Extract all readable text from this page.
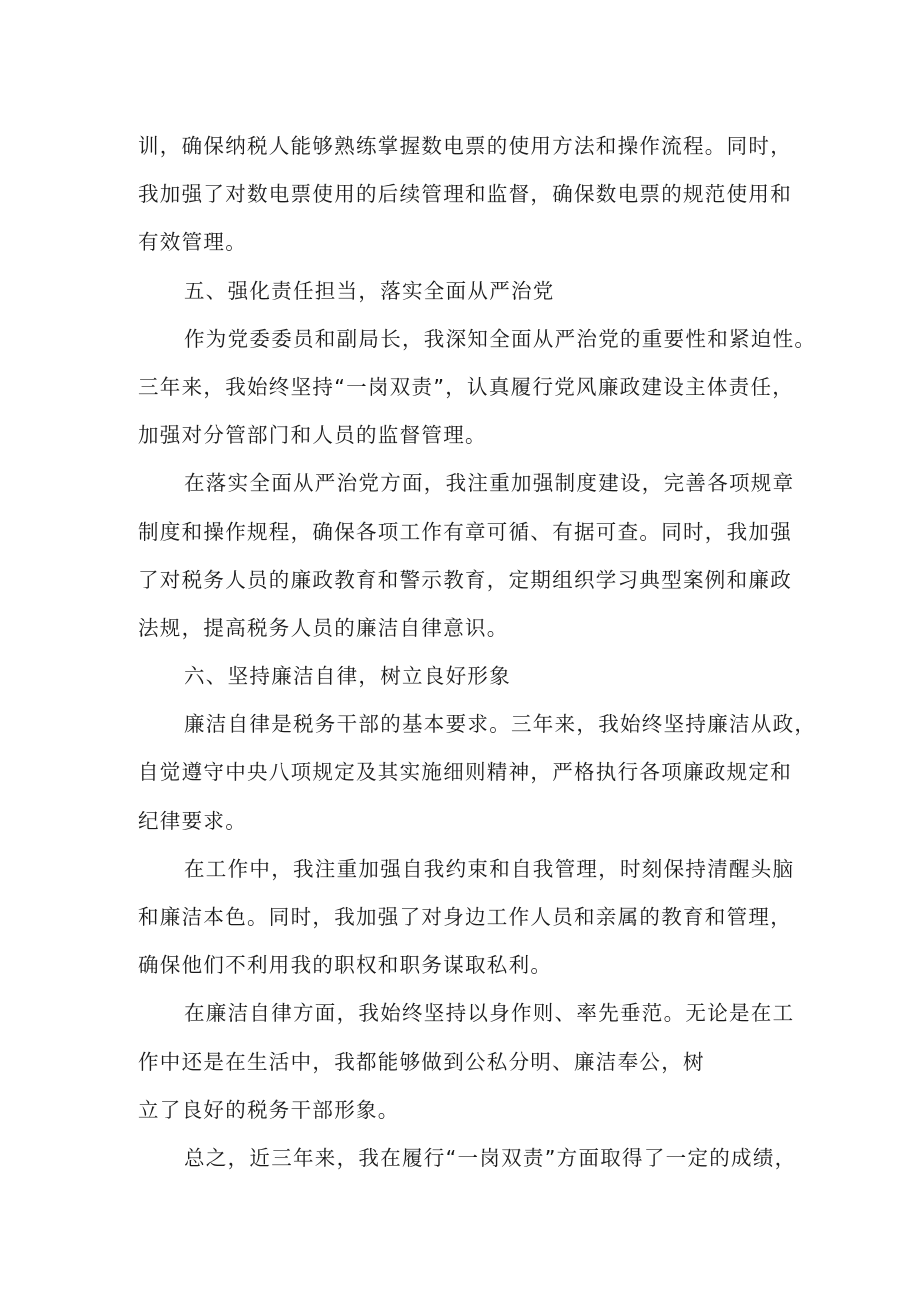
训，确保纳税人能够熟练掌握数电票的使用方法和操作流程。同时，
我加强了对数电票使用的后续管理和监督，确保数电票的规范使用和
有效管理。
五、强化责任担当，落实全面从严治党
作为党委委员和副局长，我深知全面从严治党的重要性和紧迫性。
三年来，我始终坚持“一岗双责”，认真履行党风廉政建设主体责任，
加强对分管部门和人员的监督管理。
在落实全面从严治党方面，我注重加强制度建设，完善各项规章
制度和操作规程，确保各项工作有章可循、有据可查。同时，我加强
了对税务人员的廉政教育和警示教育，定期组织学习典型案例和廉政
法规，提高税务人员的廉洁自律意识。
六、坚持廉洁自律，树立良好形象
廉洁自律是税务干部的基本要求。三年来，我始终坚持廉洁从政，
自觉遵守中央八项规定及其实施细则精神，严格执行各项廉政规定和
纪律要求。
在工作中，我注重加强自我约束和自我管理，时刻保持清醒头脑
和廉洁本色。同时，我加强了对身边工作人员和亲属的教育和管理，
确保他们不利用我的职权和职务谋取私利。
在廉洁自律方面，我始终坚持以身作则、率先垂范。无论是在工
作中还是在生活中，我都能够做到公私分明、廉洁奉公，树
立了良好的税务干部形象。
总之，近三年来，我在履行“一岗双责”方面取得了一定的成绩，
